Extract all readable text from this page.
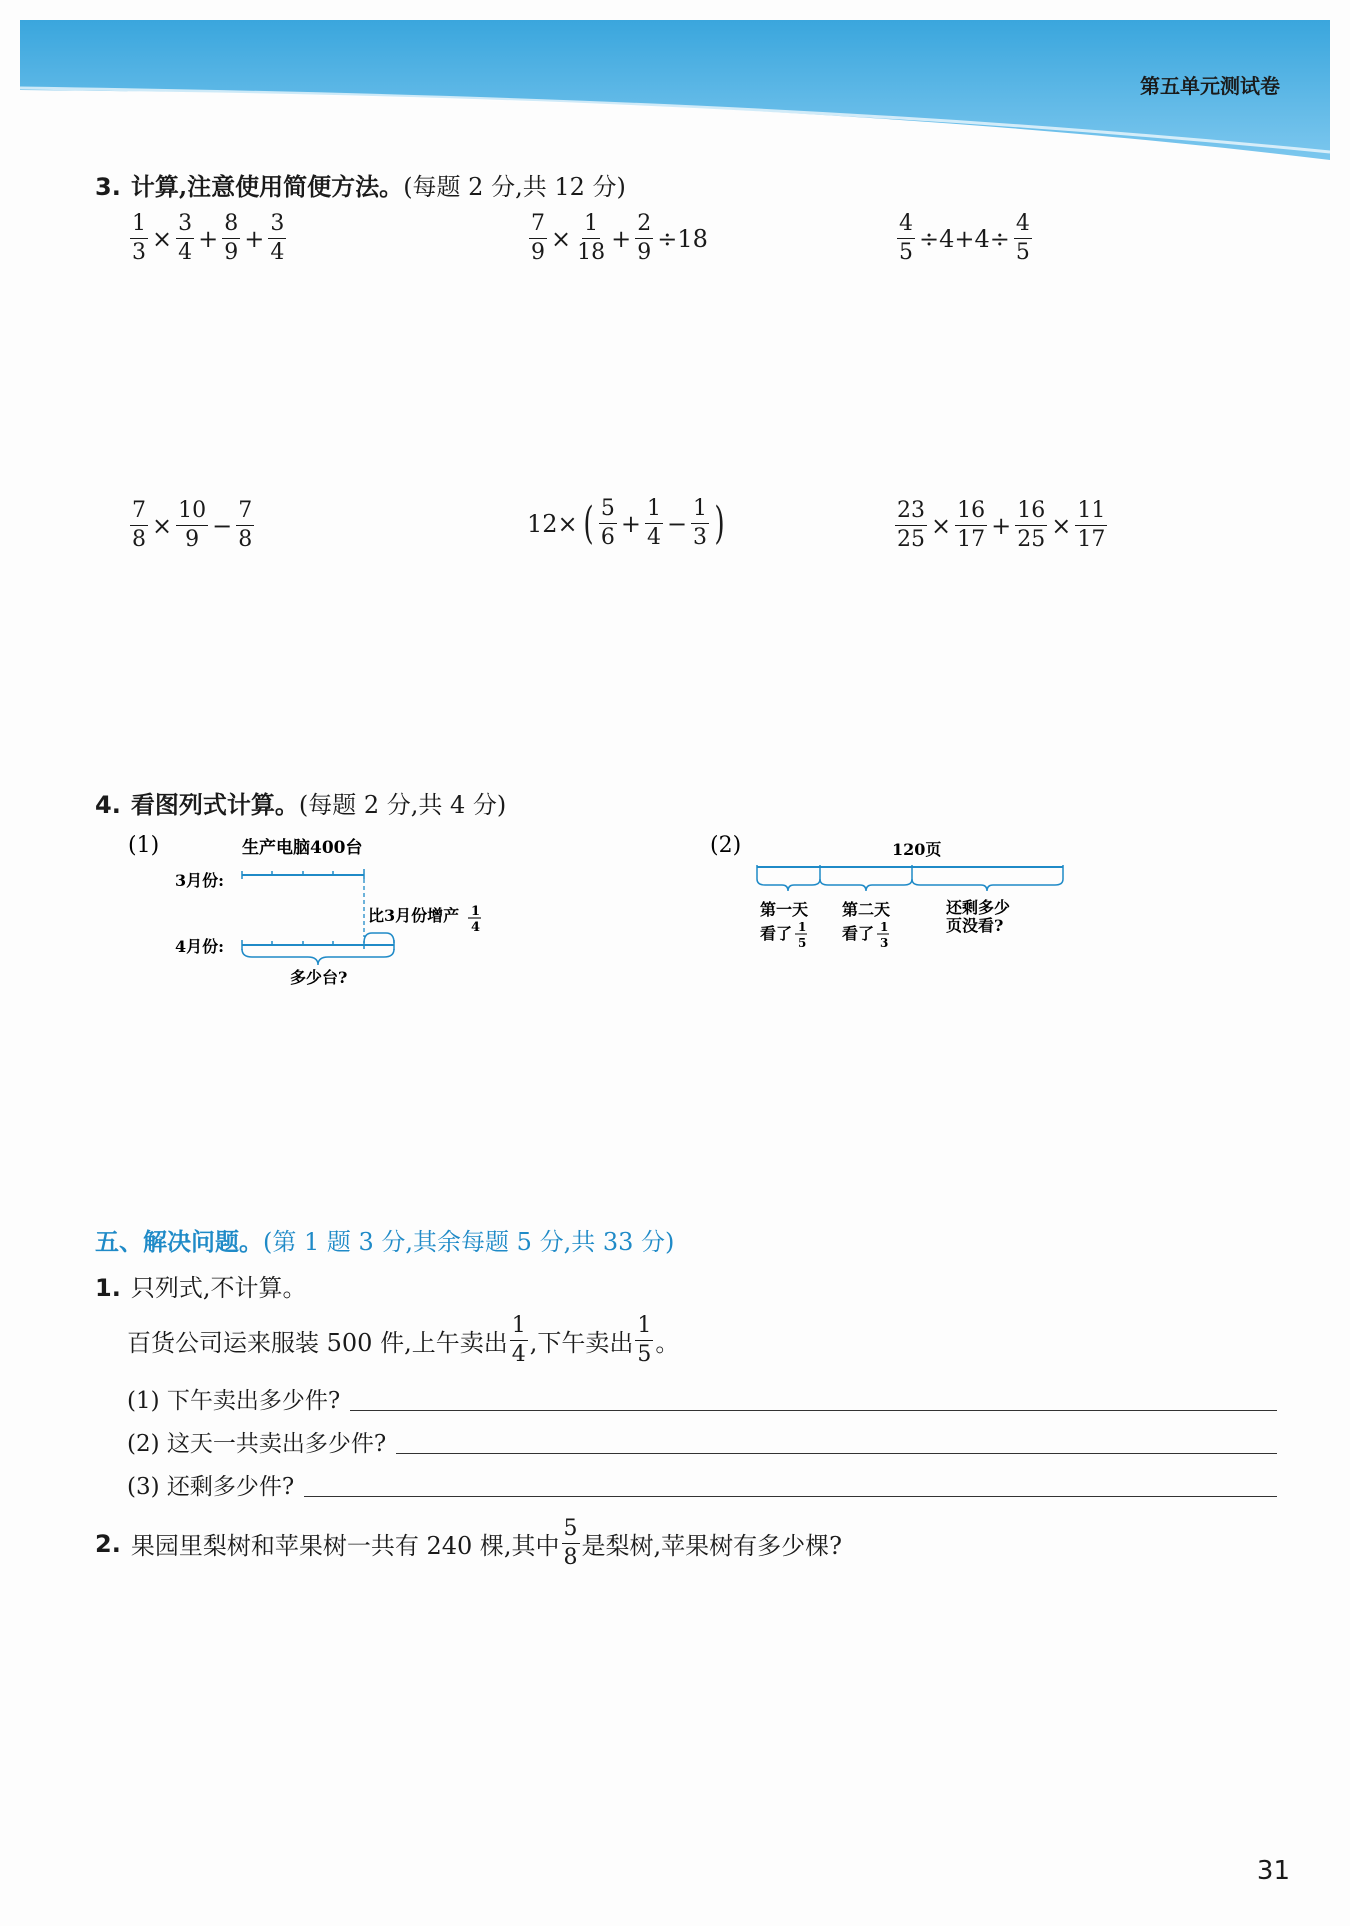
第五单元测试卷
3. 计算,注意使用简便方法。(每题 2 分,共 12 分)
$\frac{1}{3} \times \frac{3}{4} + \frac{8}{9} + \frac{3}{4}$	$\frac{7}{9} \times \frac{1}{18} + \frac{2}{9} \div 18$	$\frac{4}{5} \div 4+4\div \frac{4}{5}$
$\frac{7}{8} \times \frac{10}{9} - \frac{7}{8}$	12× ( $\frac{5}{6} + \frac{1}{4} - \frac{1}{3}$ )	$\frac{23}{25} \times \frac{16}{17} + \frac{16}{25} \times \frac{11}{17}$
4. 看图列式计算。(每题 2 分,共 4 分)
(1)	生产电脑400台
3月份:
比3月份增产 1
4
4月份:
多少台?
(2)	120页
第一天
看了 1
5
第二天
看了 1
3
还剩多少
页没看?
五、解决问题。(第 1 题 3 分,其余每题 5 分,共 33 分)
1. 只列式,不计算。
百货公司运来服装 500 件,上午卖出 $\frac{1}{4}$ ,下午卖出 $\frac{1}{5}$ 。
(1) 下午卖出多少件?
(2) 这天一共卖出多少件?
(3) 还剩多少件?
2. 果园里梨树和苹果树一共有 240 棵,其中 $\frac{5}{8}$ 是梨树,苹果树有多少棵?
31
